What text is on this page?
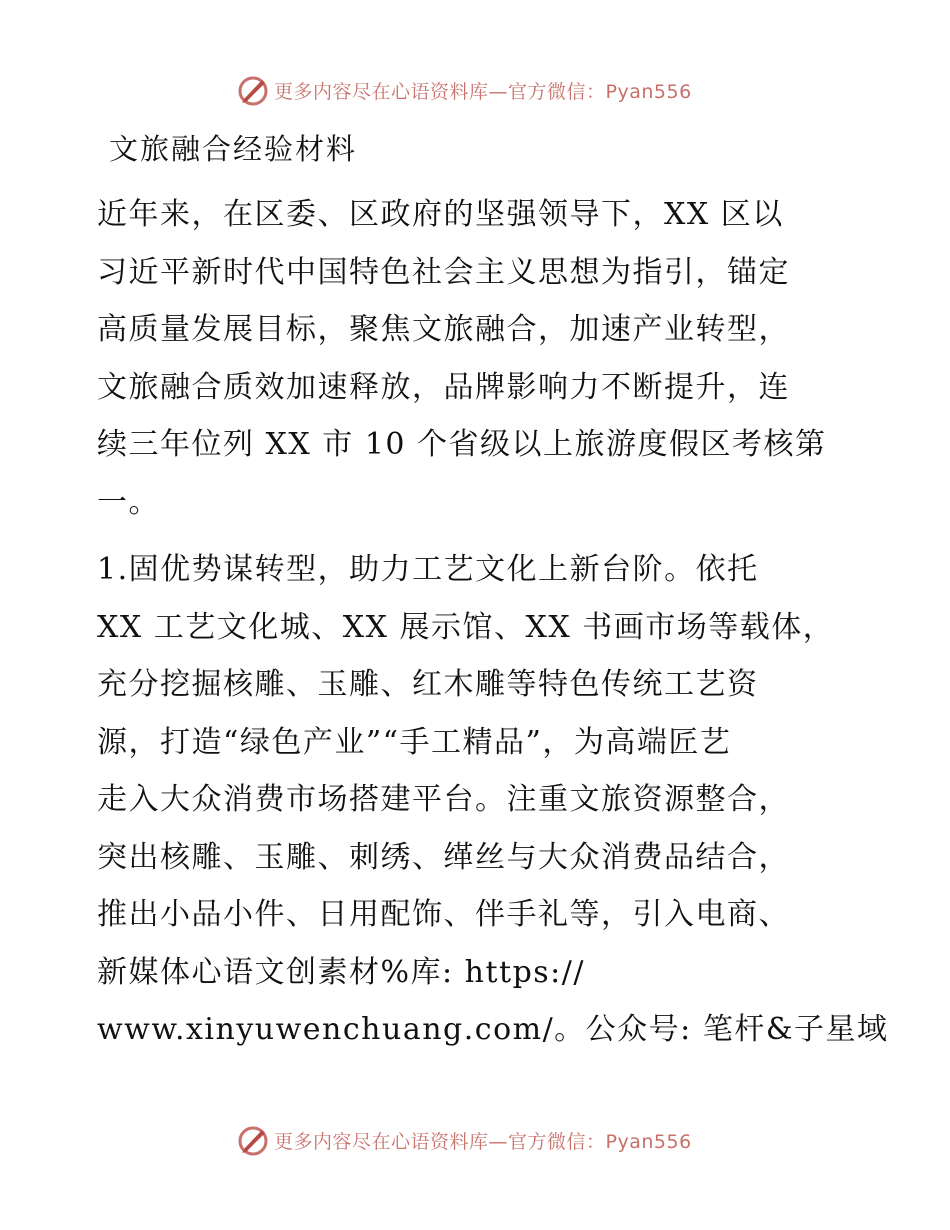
更多内容尽在心语资料库—官方微信：Pyan556
文旅融合经验材料

近年来，在区委、区政府的坚强领导下，XX 区以
习近平新时代中国特色社会主义思想为指引，锚定
高质量发展目标，聚焦文旅融合，加速产业转型，
文旅融合质效加速释放，品牌影响力不断提升，连
续三年位列 XX 市 10 个省级以上旅游度假区考核第
一。

1.固优势谋转型，助力工艺文化上新台阶。依托
XX 工艺文化城、XX 展示馆、XX 书画市场等载体，
充分挖掘核雕、玉雕、红木雕等特色传统工艺资
源，打造“绿色产业”“手工精品”，为高端匠艺
走入大众消费市场搭建平台。注重文旅资源整合，
突出核雕、玉雕、刺绣、缂丝与大众消费品结合，
推出小品小件、日用配饰、伴手礼等，引入电商、
新媒体心语文创素材%库: https://
www.xinyuwenchuang.com/。公众号: 笔杆&子星域

更多内容尽在心语资料库—官方微信：Pyan556
